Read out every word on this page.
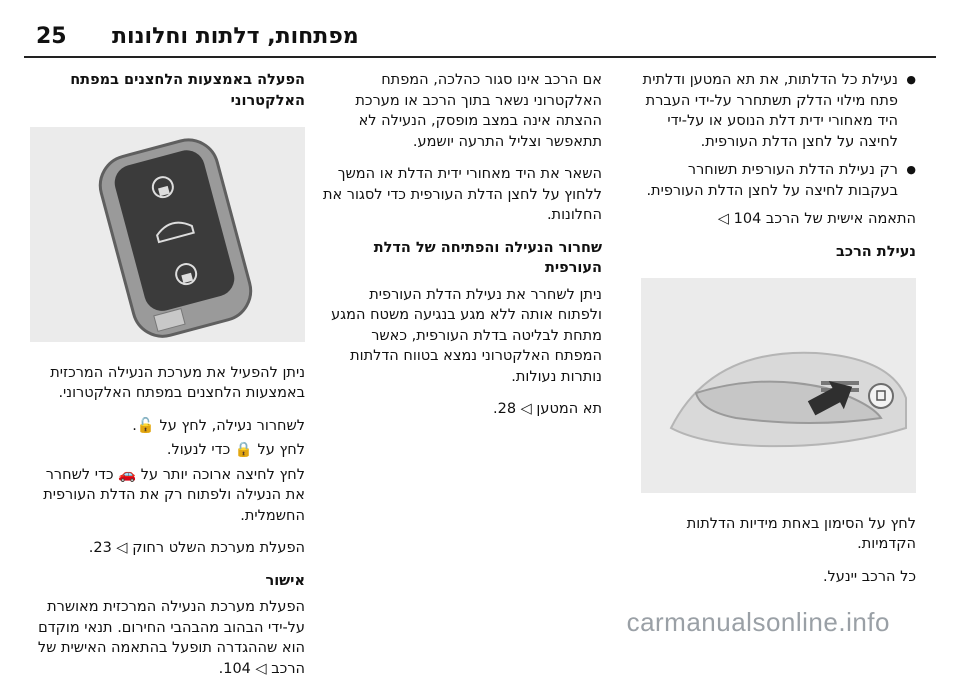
25 מפתחות, דלתות וחלונות
● נעילת כל הדלתות, את תא המטען ודלתית פתח מילוי הדלק תשתחרר על-ידי העברת היד מאחורי ידית דלת הנוסע או על-ידי לחיצה על לחצן הדלת העורפית.
● רק נעילת הדלת העורפית תשוחרר בעקבות לחיצה על לחצן הדלת העורפית.

התאמה אישית של הרכב 104 ◁

נעילת הרכב

לחץ על הסימון באחת מידיות הדלתות הקדמיות.

כל הרכב יינעל.

אם הרכב אינו סגור כהלכה, המפתח האלקטרוני נשאר בתוך הרכב או מערכת ההצתה אינה במצב מופסק, הנעילה לא תתאפשר וצליל התרעה יושמע.

השאר את היד מאחורי ידית הדלת או המשך ללחוץ על לחצן הדלת העורפית כדי לסגור את החלונות.

שחרור הנעילה והפתיחה של הדלת העורפית

ניתן לשחרר את נעילת הדלת העורפית ולפתוח אותה ללא מגע בנגיעה משטח המגע מתחת לבליטה בדלת העורפית, כאשר המפתח האלקטרוני נמצא בטווח הדלתות נותרות נעולות.

תא המטען ◁ 28.

הפעלה באמצעות הלחצנים במפתח האלקטרוני

ניתן להפעיל את מערכת הנעילה המרכזית באמצעות הלחצנים במפתח האלקטרוני.

לשחרור נעילה, לחץ על 🔓.

לחץ על 🔒 כדי לנעול.

לחץ לחיצה ארוכה יותר על 🚗 כדי לשחרר את הנעילה ולפתוח רק את הדלת העורפית החשמלית.

הפעלת מערכת השלט רחוק ◁ 23.

אישור

הפעלת מערכת הנעילה המרכזית מאושרת על-ידי הבהוב מהבהבי החירום. תנאי מוקדם הוא שההגדרה תופעל בהתאמה האישית של הרכב ◁ 104.

carmanualsonline.info
